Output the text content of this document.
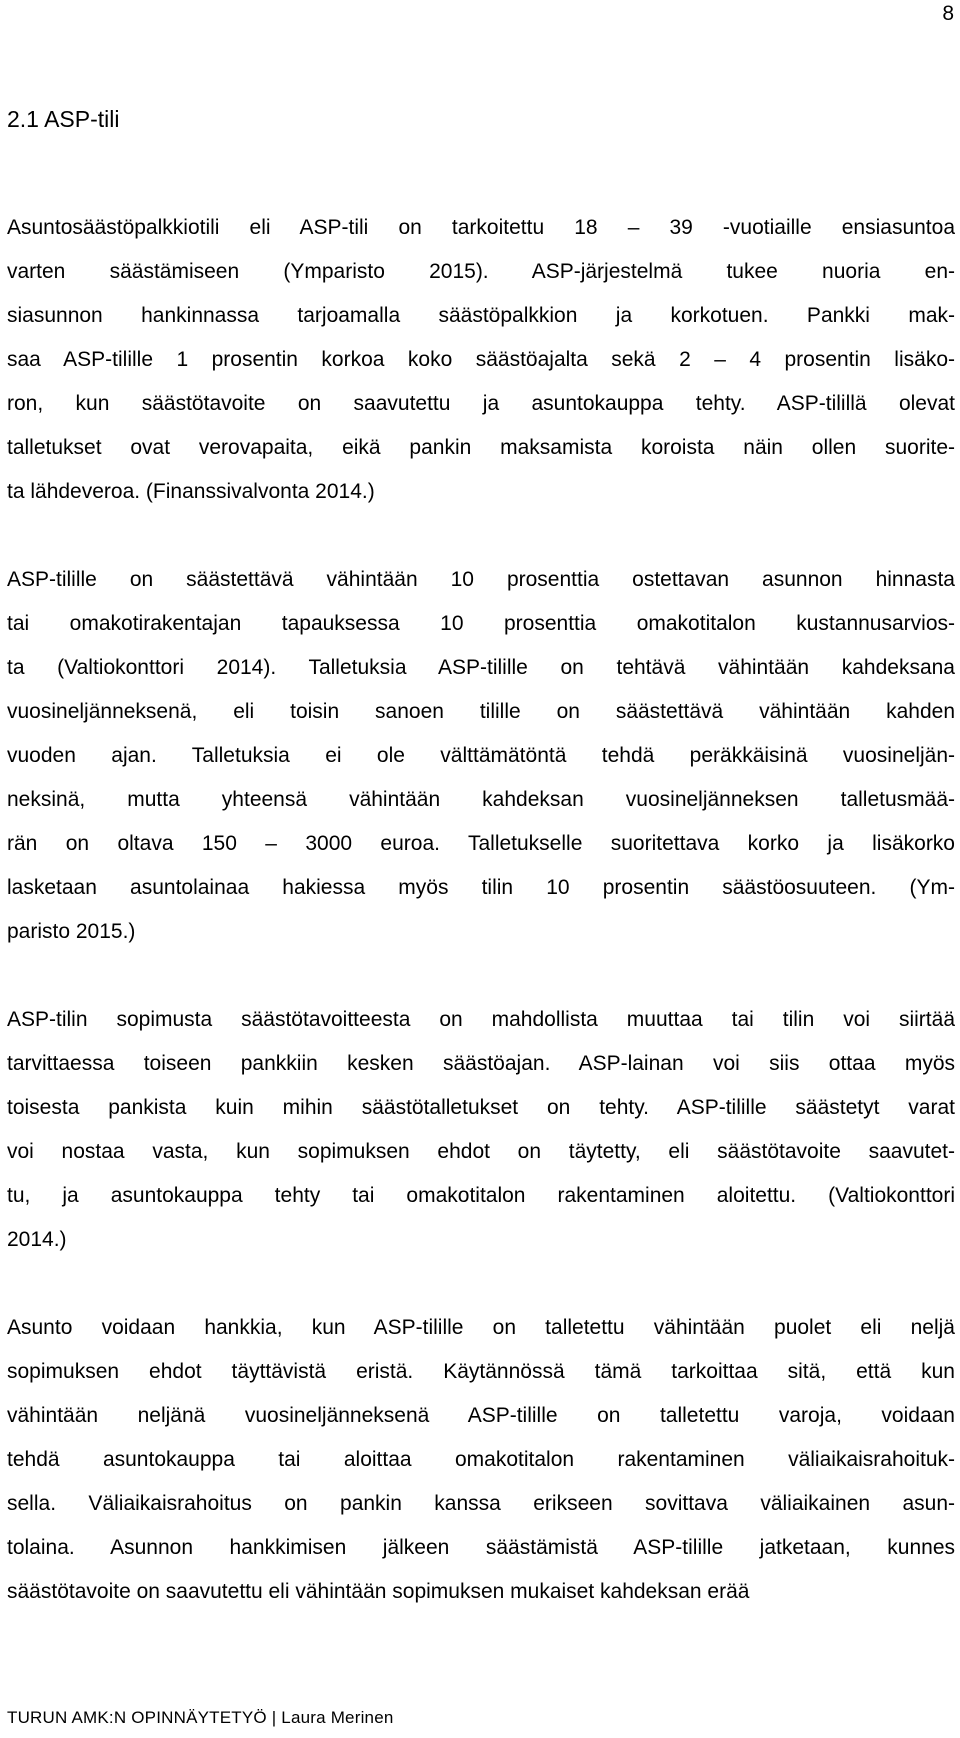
8
2.1 ASP-tili
Asuntosäästöpalkkiotili eli ASP-tili on tarkoitettu 18 – 39 -vuotiaille ensiasuntoa
varten säästämiseen (Ymparisto 2015). ASP-järjestelmä tukee nuoria en-
siasunnon hankinnassa tarjoamalla säästöpalkkion ja korkotuen. Pankki mak-
saa ASP-tilille 1 prosentin korkoa koko säästöajalta sekä 2 – 4 prosentin lisäko-
ron, kun säästötavoite on saavutettu ja asuntokauppa tehty. ASP-tilillä olevat
talletukset ovat verovapaita, eikä pankin maksamista koroista näin ollen suorite-
ta lähdeveroa. (Finanssivalvonta 2014.)
ASP-tilille on säästettävä vähintään 10 prosenttia ostettavan asunnon hinnasta
tai omakotirakentajan tapauksessa 10 prosenttia omakotitalon kustannusarvios-
ta (Valtiokonttori 2014). Talletuksia ASP-tilille on tehtävä vähintään kahdeksana
vuosineljänneksenä, eli toisin sanoen tilille on säästettävä vähintään kahden
vuoden ajan. Talletuksia ei ole välttämätöntä tehdä peräkkäisinä vuosineljän-
neksinä, mutta yhteensä vähintään kahdeksan vuosineljänneksen talletusmää-
rän on oltava 150 – 3000 euroa. Talletukselle suoritettava korko ja lisäkorko
lasketaan asuntolainaa hakiessa myös tilin 10 prosentin säästöosuuteen. (Ym-
paristo 2015.)
ASP-tilin sopimusta säästötavoitteesta on mahdollista muuttaa tai tilin voi siirtää
tarvittaessa toiseen pankkiin kesken säästöajan. ASP-lainan voi siis ottaa myös
toisesta pankista kuin mihin säästötalletukset on tehty. ASP-tilille säästetyt varat
voi nostaa vasta, kun sopimuksen ehdot on täytetty, eli säästötavoite saavutet-
tu, ja asuntokauppa tehty tai omakotitalon rakentaminen aloitettu. (Valtiokonttori
2014.)
Asunto voidaan hankkia, kun ASP-tilille on talletettu vähintään puolet eli neljä
sopimuksen ehdot täyttävistä eristä. Käytännössä tämä tarkoittaa sitä, että kun
vähintään neljänä vuosineljänneksenä ASP-tilille on talletettu varoja, voidaan
tehdä asuntokauppa tai aloittaa omakotitalon rakentaminen väliaikaisrahoituk-
sella. Väliaikaisrahoitus on pankin kanssa erikseen sovittava väliaikainen asun-
tolaina. Asunnon hankkimisen jälkeen säästämistä ASP-tilille jatketaan, kunnes
säästötavoite on saavutettu eli vähintään sopimuksen mukaiset kahdeksan erää
TURUN AMK:N OPINNÄYTETYÖ | Laura Merinen
